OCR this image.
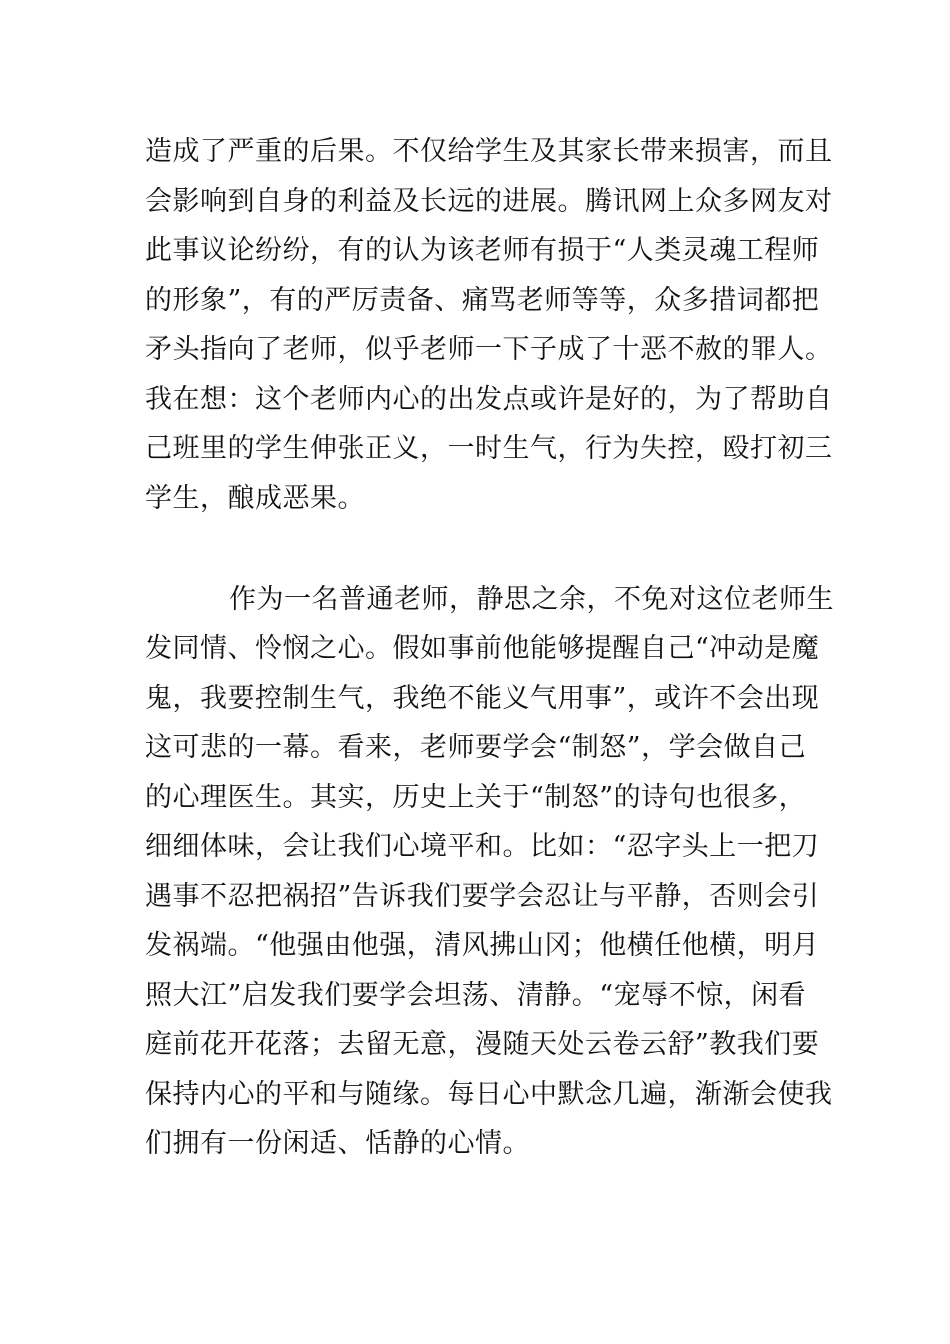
造成了严重的后果。不仅给学生及其家长带来损害，而且
会影响到自身的利益及长远的进展。腾讯网上众多网友对
此事议论纷纷，有的认为该老师有损于“人类灵魂工程师
的形象”，有的严厉责备、痛骂老师等等，众多措词都把
矛头指向了老师，似乎老师一下子成了十恶不赦的罪人。
我在想：这个老师内心的出发点或许是好的，为了帮助自
己班里的学生伸张正义，一时生气，行为失控，殴打初三
学生，酿成恶果。
作为一名普通老师，静思之余，不免对这位老师生
发同情、怜悯之心。假如事前他能够提醒自己“冲动是魔
鬼，我要控制生气，我绝不能义气用事”，或许不会出现
这可悲的一幕。看来，老师要学会“制怒”，学会做自己
的心理医生。其实，历史上关于“制怒”的诗句也很多，
细细体味，会让我们心境平和。比如：“忍字头上一把刀
遇事不忍把祸招”告诉我们要学会忍让与平静，否则会引
发祸端。“他强由他强，清风拂山冈；他横任他横，明月
照大江”启发我们要学会坦荡、清静。“宠辱不惊，闲看
庭前花开花落；去留无意，漫随天处云卷云舒”教我们要
保持内心的平和与随缘。每日心中默念几遍，渐渐会使我
们拥有一份闲适、恬静的心情。
